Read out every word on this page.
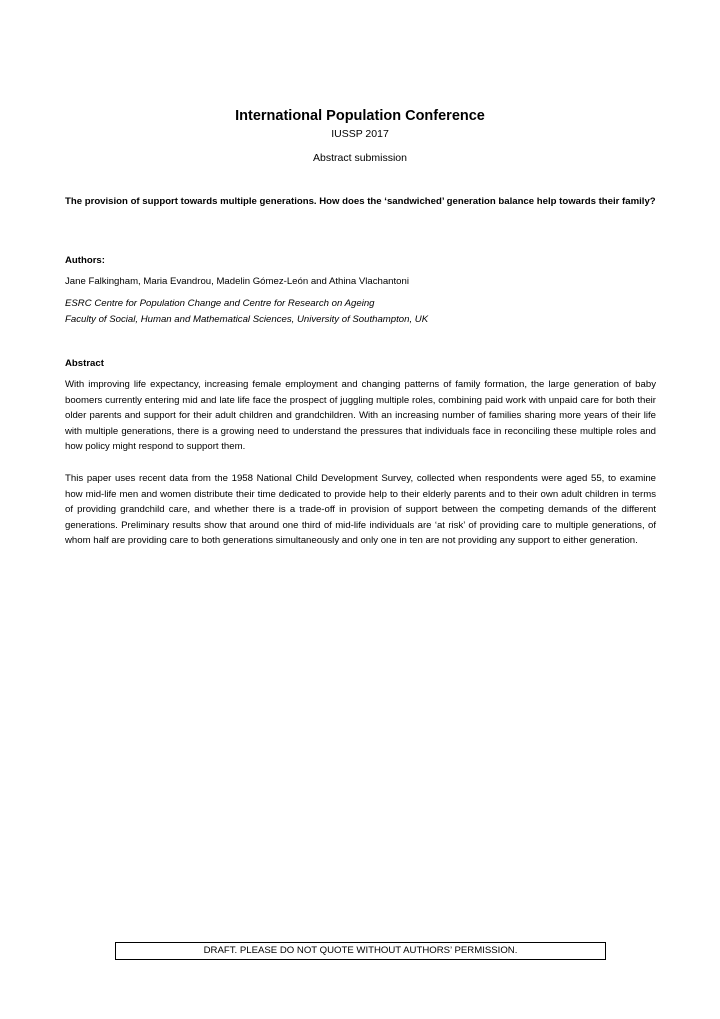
International Population Conference
IUSSP 2017
Abstract submission
The provision of support towards multiple generations. How does the ‘sandwiched’ generation balance help towards their family?
Authors:
Jane Falkingham, Maria Evandrou, Madelin Gómez-León and Athina Vlachantoni
ESRC Centre for Population Change and Centre for Research on Ageing
Faculty of Social, Human and Mathematical Sciences, University of Southampton, UK
Abstract

With improving life expectancy, increasing female employment and changing patterns of family formation, the large generation of baby boomers currently entering mid and late life face the prospect of juggling multiple roles, combining paid work with unpaid care for both their older parents and support for their adult children and grandchildren. With an increasing number of families sharing more years of their life with multiple generations, there is a growing need to understand the pressures that individuals face in reconciling these multiple roles and how policy might respond to support them.

This paper uses recent data from the 1958 National Child Development Survey, collected when respondents were aged 55, to examine how mid-life men and women distribute their time dedicated to provide help to their elderly parents and to their own adult children in terms of providing grandchild care, and whether there is a trade-off in provision of support between the competing demands of the different generations. Preliminary results show that around one third of mid-life individuals are ‘at risk’ of providing care to multiple generations, of whom half are providing care to both generations simultaneously and only one in ten are not providing any support to either generation.

DRAFT. PLEASE DO NOT QUOTE WITHOUT AUTHORS’ PERMISSION.
